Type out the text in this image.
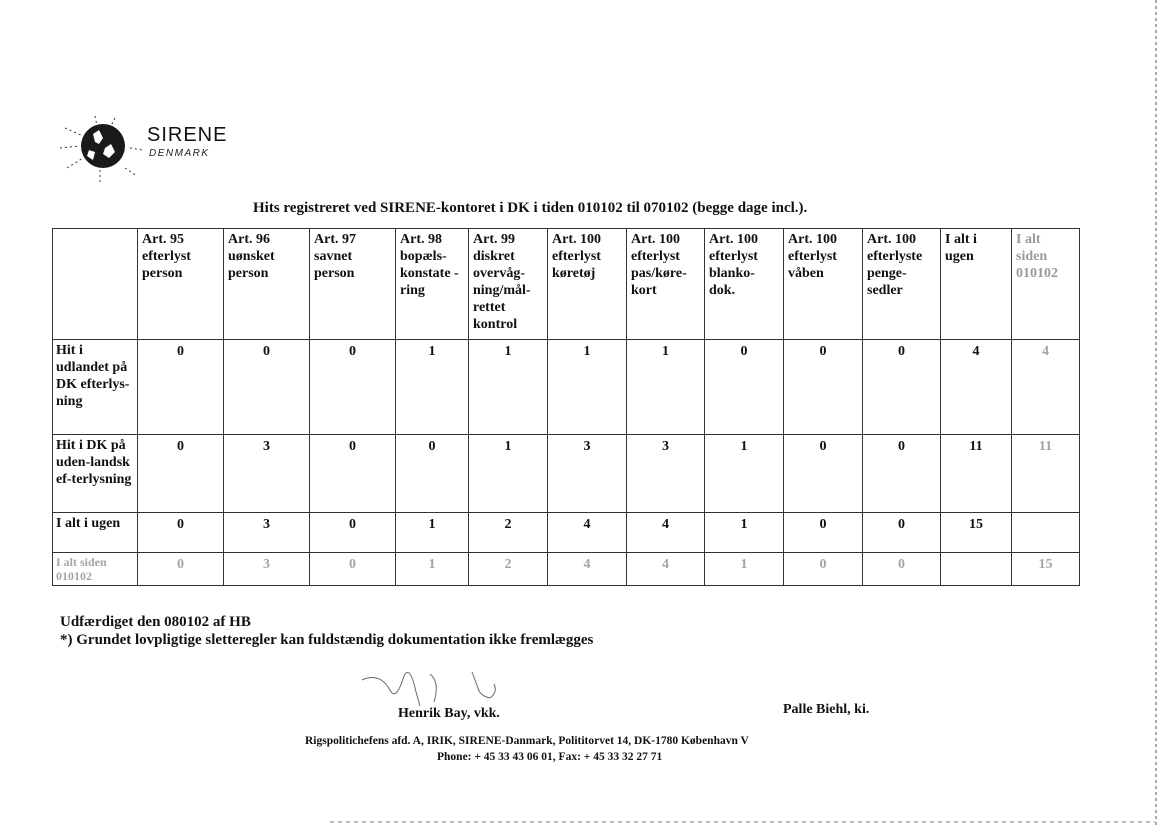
SIRENE
DENMARK
Hits registreret ved SIRENE-kontoret i DK i tiden 010102 til 070102 (begge dage incl.).
	Art. 95 efterlyst person	Art. 96 uønsket person	Art. 97 savnet person	Art. 98 bopæls-konstate -ring	Art. 99 diskret overvåg-ning/mål-rettet kontrol	Art. 100 efterlyst køretøj	Art. 100 efterlyst pas/køre-kort	Art. 100 efterlyst blanko-dok.	Art. 100 efterlyst våben	Art. 100 efterlyste penge-sedler	I alt i ugen	I alt siden 010102
Hit i udlandet på DK efterlys-ning	0	0	0	1	1	1	1	0	0	0	4	4
Hit i DK på uden-landsk ef-terlysning	0	3	0	0	1	3	3	1	0	0	11	11
I alt i ugen	0	3	0	1	2	4	4	1	0	0	15	
I alt siden 010102	0	3	0	1	2	4	4	1	0	0		15
Udfærdiget den 080102 af HB
*) Grundet lovpligtige sletteregler kan fuldstændig dokumentation ikke fremlægges
Henrik Bay, vkk.	Palle Biehl, ki.
Rigspolitichefens afd. A, IRIK, SIRENE-Danmark, Polititorvet 14, DK-1780 København V
Phone: + 45 33 43 06 01, Fax: + 45 33 32 27 71
